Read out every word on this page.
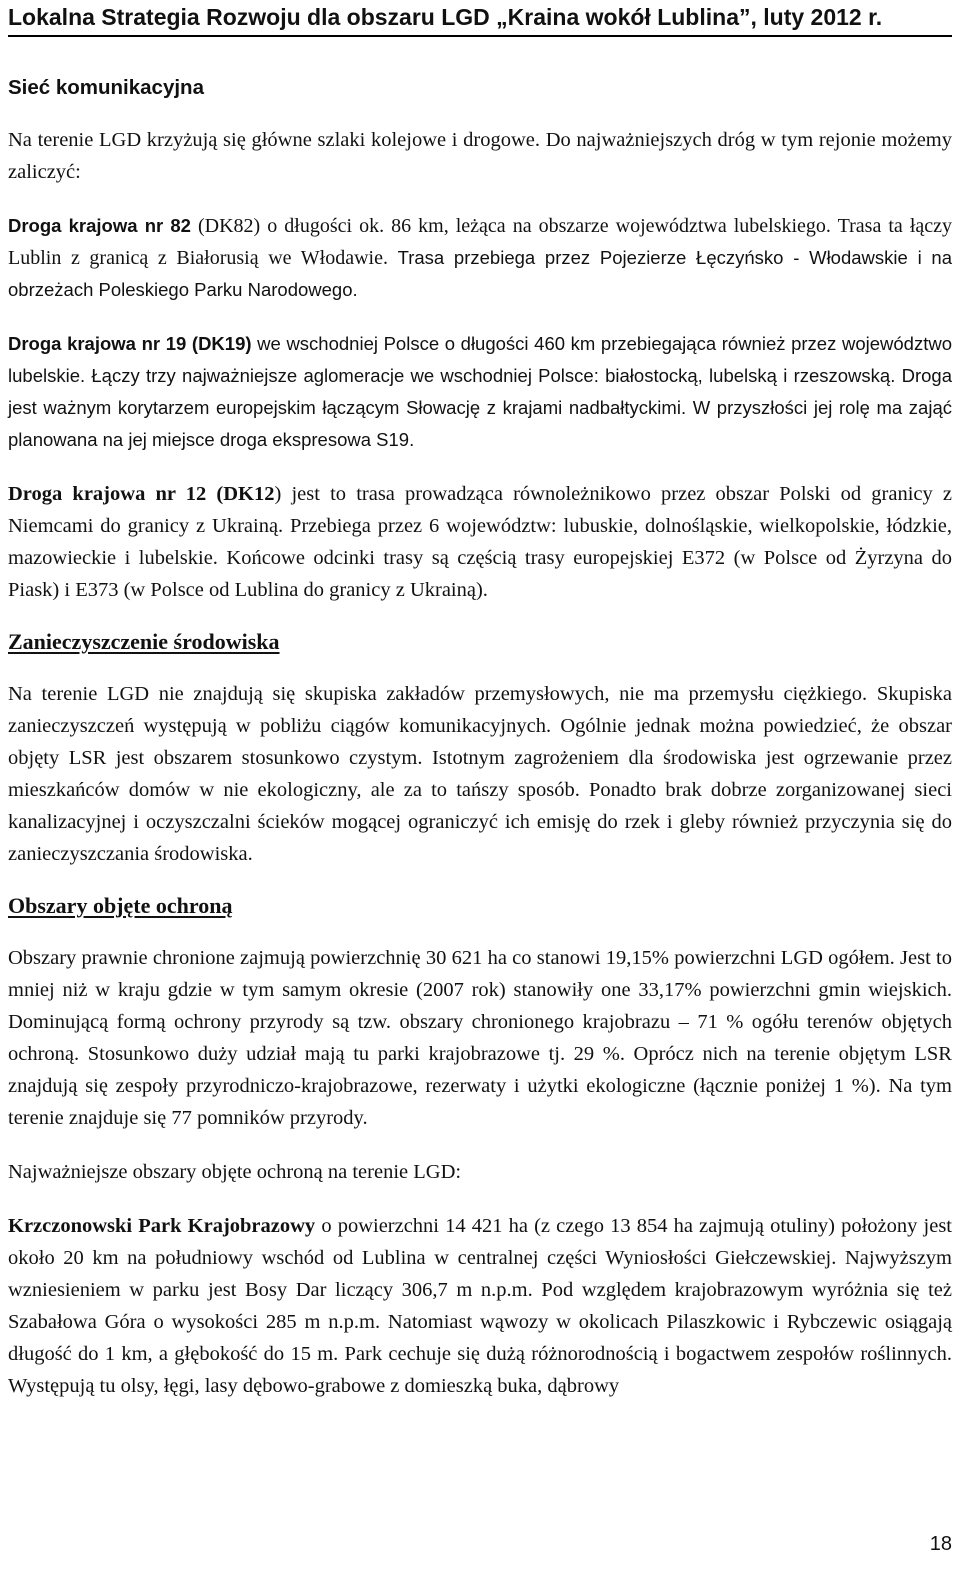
Lokalna Strategia Rozwoju dla obszaru LGD „Kraina wokół Lublina”, luty 2012 r.
Sieć komunikacyjna

Na terenie LGD krzyżują się główne szlaki kolejowe i drogowe. Do najważniejszych dróg w tym rejonie możemy zaliczyć:

Droga krajowa nr 82 (DK82) o długości ok. 86 km, leżąca na obszarze województwa lubelskiego. Trasa ta łączy Lublin z granicą z Białorusią we Włodawie. Trasa przebiega przez Pojezierze Łęczyńsko - Włodawskie i na obrzeżach Poleskiego Parku Narodowego.

Droga krajowa nr 19 (DK19) we wschodniej Polsce o długości 460 km przebiegająca również przez województwo lubelskie. Łączy trzy najważniejsze aglomeracje we wschodniej Polsce: białostocką, lubelską i rzeszowską. Droga jest ważnym korytarzem europejskim łączącym Słowację z krajami nadbałtyckimi. W przyszłości jej rolę ma zająć planowana na jej miejsce droga ekspresowa S19.

Droga krajowa nr 12 (DK12) jest to trasa prowadząca równoleżnikowo przez obszar Polski od granicy z Niemcami do granicy z Ukrainą. Przebiega przez 6 województw: lubuskie, dolnośląskie, wielkopolskie, łódzkie, mazowieckie i lubelskie. Końcowe odcinki trasy są częścią trasy europejskiej E372 (w Polsce od Żyrzyna do Piask) i E373 (w Polsce od Lublina do granicy z Ukrainą).

Zanieczyszczenie środowiska

Na terenie LGD nie znajdują się skupiska zakładów przemysłowych, nie ma przemysłu ciężkiego. Skupiska zanieczyszczeń występują w pobliżu ciągów komunikacyjnych. Ogólnie jednak można powiedzieć, że obszar objęty LSR jest obszarem stosunkowo czystym. Istotnym zagrożeniem dla środowiska jest ogrzewanie przez mieszkańców domów w nie ekologiczny, ale za to tańszy sposób. Ponadto brak dobrze zorganizowanej sieci kanalizacyjnej i oczyszczalni ścieków mogącej ograniczyć ich emisję do rzek i gleby również przyczynia się do zanieczyszczania środowiska.

Obszary objęte ochroną

Obszary prawnie chronione zajmują powierzchnię 30 621 ha co stanowi 19,15% powierzchni LGD ogółem. Jest to mniej niż w kraju gdzie w tym samym okresie (2007 rok) stanowiły one 33,17% powierzchni gmin wiejskich. Dominującą formą ochrony przyrody są tzw. obszary chronionego krajobrazu – 71 % ogółu terenów objętych ochroną. Stosunkowo duży udział mają tu parki krajobrazowe tj. 29 %. Oprócz nich na terenie objętym LSR znajdują się zespoły przyrodniczo-krajobrazowe, rezerwaty i użytki ekologiczne (łącznie poniżej 1 %). Na tym terenie znajduje się 77 pomników przyrody.

Najważniejsze obszary objęte ochroną na terenie LGD:

Krzczonowski Park Krajobrazowy o powierzchni 14 421 ha (z czego 13 854 ha zajmują otuliny) położony jest około 20 km na południowy wschód od Lublina w centralnej części Wyniosłości Giełczewskiej. Najwyższym wzniesieniem w parku jest Bosy Dar liczący 306,7 m n.p.m. Pod względem krajobrazowym wyróżnia się też Szabałowa Góra o wysokości 285 m n.p.m. Natomiast wąwozy w okolicach Pilaszkowic i Rybczewic osiągają długość do 1 km, a głębokość do 15 m. Park cechuje się dużą różnorodnością i bogactwem zespołów roślinnych. Występują tu olsy, łęgi, lasy dębowo-grabowe z domieszką buka, dąbrowy

18
